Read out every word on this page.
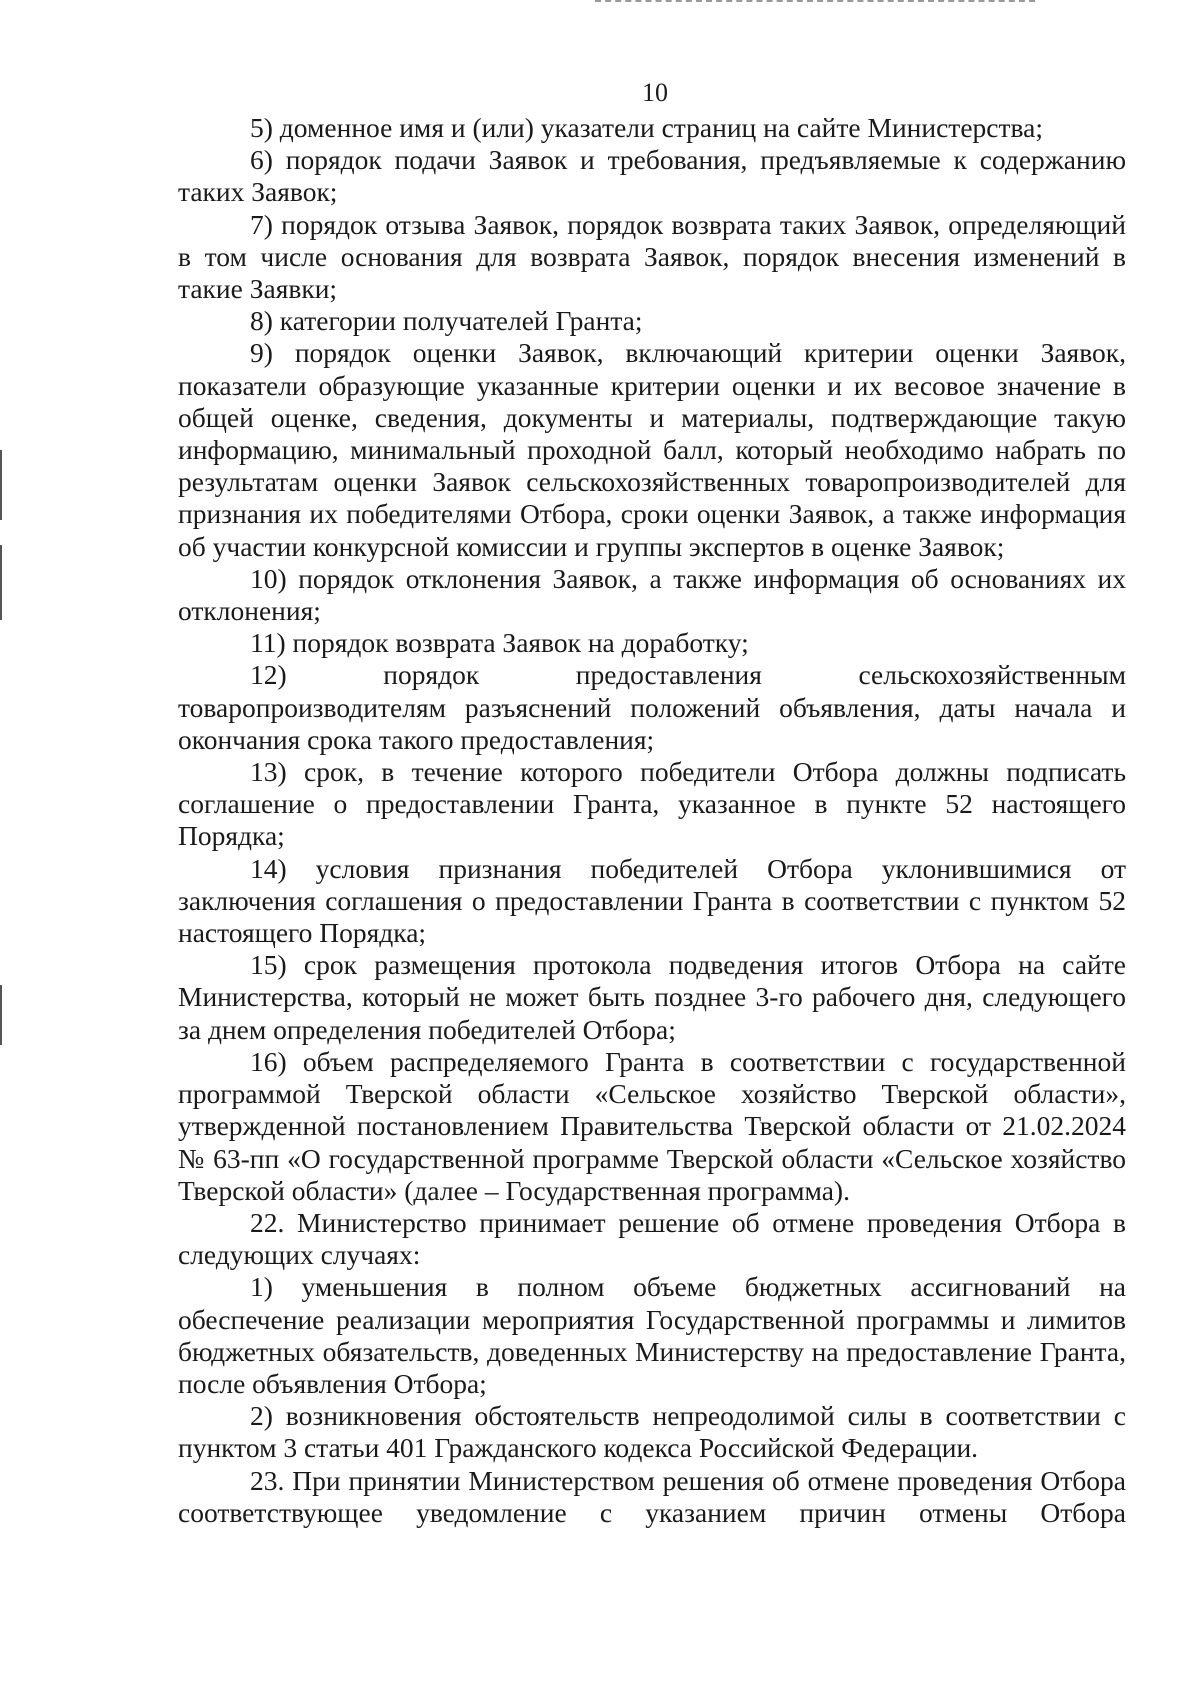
10

5) доменное имя и (или) указатели страниц на сайте Министерства;

6) порядок подачи Заявок и требования, предъявляемые к содержанию таких Заявок;

7) порядок отзыва Заявок, порядок возврата таких Заявок, определяющий в том числе основания для возврата Заявок, порядок внесения изменений в такие Заявки;

8) категории получателей Гранта;

9) порядок оценки Заявок, включающий критерии оценки Заявок, показатели образующие указанные критерии оценки и их весовое значение в общей оценке, сведения, документы и материалы, подтверждающие такую информацию, минимальный проходной балл, который необходимо набрать по результатам оценки Заявок сельскохозяйственных товаропроизводителей для признания их победителями Отбора, сроки оценки Заявок, а также информация об участии конкурсной комиссии и группы экспертов в оценке Заявок;

10) порядок отклонения Заявок, а также информация об основаниях их отклонения;

11) порядок возврата Заявок на доработку;

12) порядок предоставления сельскохозяйственным товаропроизводителям разъяснений положений объявления, даты начала и окончания срока такого предоставления;

13) срок, в течение которого победители Отбора должны подписать соглашение о предоставлении Гранта, указанное в пункте 52 настоящего Порядка;

14) условия признания победителей Отбора уклонившимися от заключения соглашения о предоставлении Гранта в соответствии с пунктом 52 настоящего Порядка;

15) срок размещения протокола подведения итогов Отбора на сайте Министерства, который не может быть позднее 3-го рабочего дня, следующего за днем определения победителей Отбора;

16) объем распределяемого Гранта в соответствии с государственной программой Тверской области «Сельское хозяйство Тверской области», утвержденной постановлением Правительства Тверской области от 21.02.2024 № 63-пп «О государственной программе Тверской области «Сельское хозяйство Тверской области» (далее – Государственная программа).

22. Министерство принимает решение об отмене проведения Отбора в следующих случаях:

1) уменьшения в полном объеме бюджетных ассигнований на обеспечение реализации мероприятия Государственной программы и лимитов бюджетных обязательств, доведенных Министерству на предоставление Гранта, после объявления Отбора;

2) возникновения обстоятельств непреодолимой силы в соответствии с пунктом 3 статьи 401 Гражданского кодекса Российской Федерации.

23. При принятии Министерством решения об отмене проведения Отбора соответствующее уведомление с указанием причин отмены Отбора
